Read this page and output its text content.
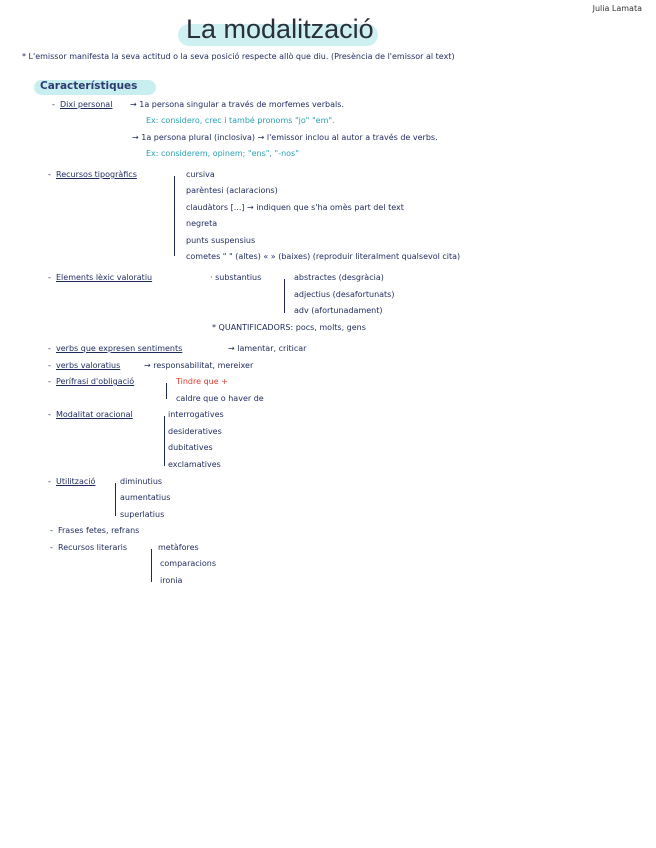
La modalització
Julia Lamata
* L'emissor manifesta la seva actitud o la seva posició respecte allò que diu. (Presència de l'emissor al text)
Característiques
- Dixi personal → 1a persona singular a través de morfemes verbals.
Ex: considero, crec i també pronoms "jo" "em".
→ 1a persona plural (inclosiva) → l'emissor inclou al autor a través de verbs.
Ex: considerem, opinem; "ens", "-nos"
- Recursos tipogràfics	cursiva
parèntesi (aclaracions)
claudàtors [...] → indiquen que s'ha omès part del text
negreta
punts suspensius
cometes " " (altes) « » (baixes) (reproduir literalment qualsevol cita)
- Elements lèxic valoratiu	· substantius	abstractes (desgràcia)
adjectius (desafortunats)
adv (afortunadament)
* QUANTIFICADORS: pocs, molts, gens
- verbs que expresen sentiments	→ lamentar, criticar
- verbs valoratius	→ responsabilitat, mereixer
- Perífrasi d'obligació	Tindre que +
caldre que o haver de
- Modalitat oracional	interrogatives
desideratives
dubitatives
exclamatives
- Utilització	diminutius
aumentatius
superlatius
- Frases fetes, refrans
- Recursos literaris	metàfores
comparacions
ironia
